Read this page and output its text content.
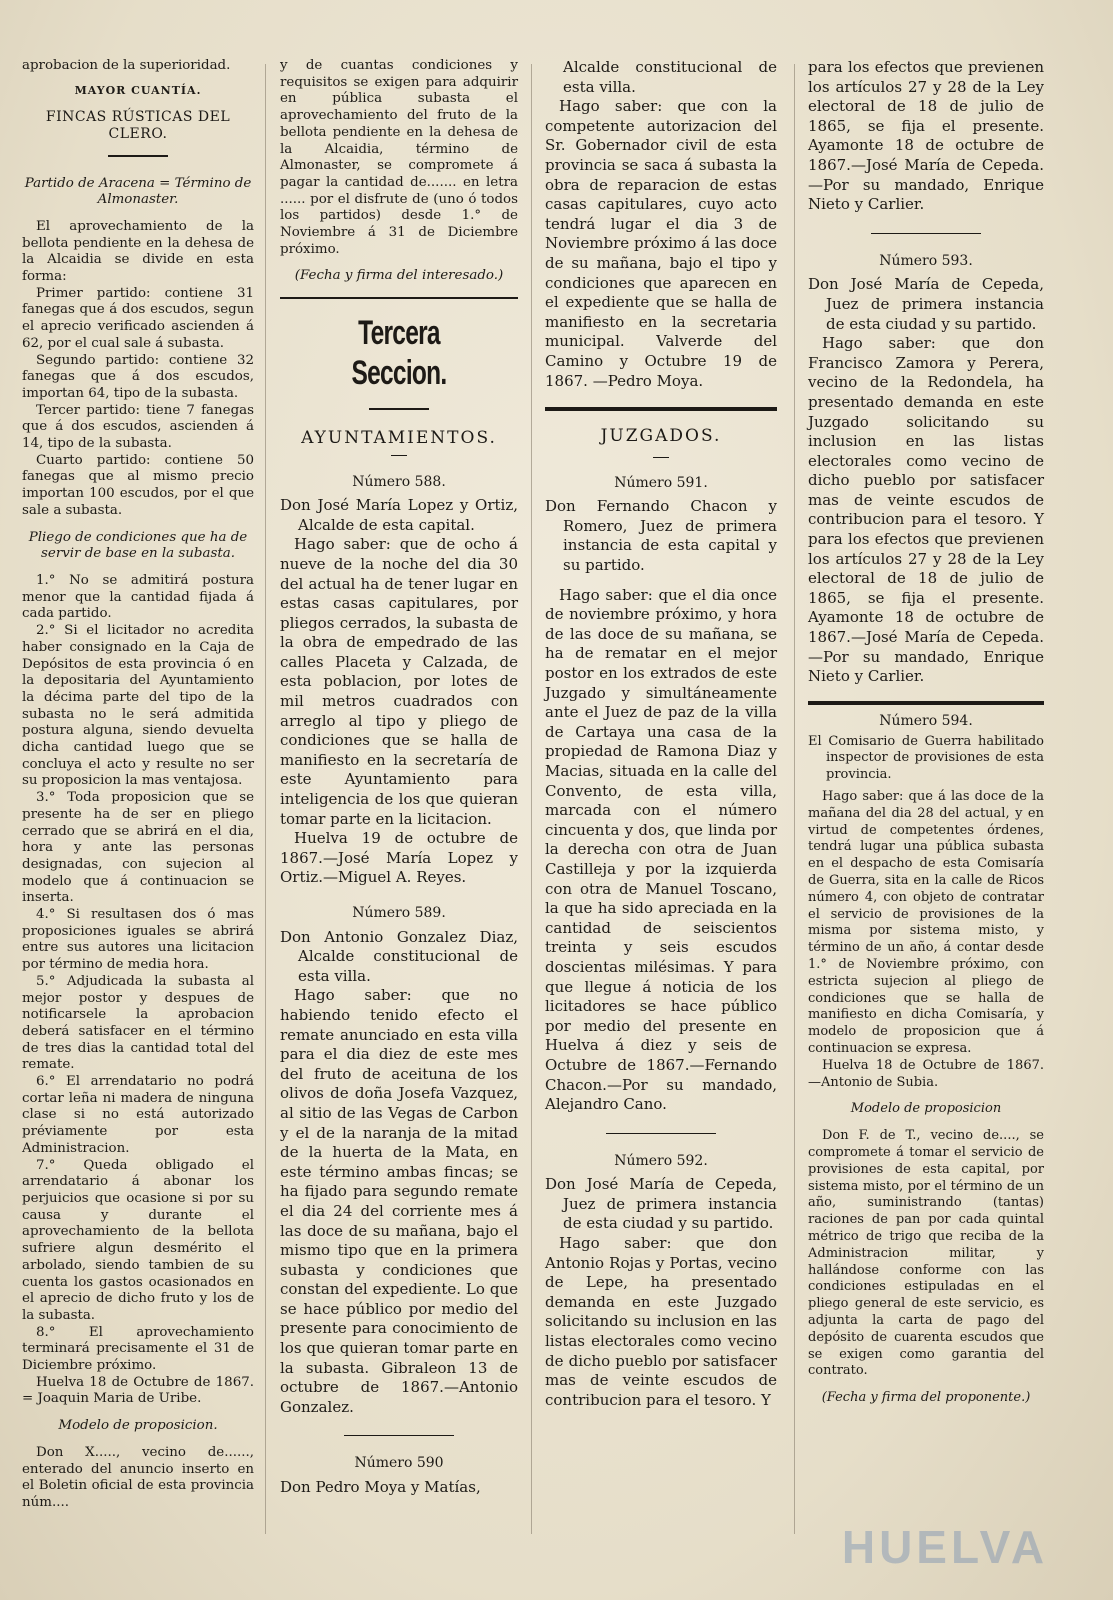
aprobacion de la superioridad.

MAYOR CUANTÍA.
FINCAS RÚSTICAS DEL CLERO.

Partido de Aracena = Término de Almonaster.

El aprovechamiento de la bellota pendiente en la dehesa de la Alcaidia se divide en esta forma:

Primer partido: contiene 31 fanegas que á dos escudos, segun el aprecio verificado ascienden á 62, por el cual sale á subasta.

Segundo partido: contiene 32 fanegas que á dos escudos, importan 64, tipo de la subasta.

Tercer partido: tiene 7 fanegas que á dos escudos, ascienden á 14, tipo de la subasta.

Cuarto partido: contiene 50 fanegas que al mismo precio importan 100 escudos, por el que sale a subasta.

Pliego de condiciones que ha de servir de base en la subasta.

1.° No se admitirá postura menor que la cantidad fijada á cada partido.

2.° Si el licitador no acredita haber consignado en la Caja de Depósitos de esta provincia ó en la depositaria del Ayuntamiento la décima parte del tipo de la subasta no le será admitida postura alguna, siendo devuelta dicha cantidad luego que se concluya el acto y resulte no ser su proposicion la mas ventajosa.

3.° Toda proposicion que se presente ha de ser en pliego cerrado que se abrirá en el dia, hora y ante las personas designadas, con sujecion al modelo que á continuacion se inserta.

4.° Si resultasen dos ó mas proposiciones iguales se abrirá entre sus autores una licitacion por término de media hora.

5.° Adjudicada la subasta al mejor postor y despues de notificarsele la aprobacion deberá satisfacer en el término de tres dias la cantidad total del remate.

6.° El arrendatario no podrá cortar leña ni madera de ninguna clase si no está autorizado préviamente por esta Administracion.

7.° Queda obligado el arrendatario á abonar los perjuicios que ocasione si por su causa y durante el aprovechamiento de la bellota sufriere algun desmérito el arbolado, siendo tambien de su cuenta los gastos ocasionados en el aprecio de dicho fruto y los de la subasta.

8.° El aprovechamiento terminará precisamente el 31 de Diciembre próximo.

Huelva 18 de Octubre de 1867. = Joaquin Maria de Uribe.

Modelo de proposicion.

Don X....., vecino de......, enterado del anuncio inserto en el Boletin oficial de esta provincia núm....

y de cuantas condiciones y requisitos se exigen para adquirir en pública subasta el aprovechamiento del fruto de la bellota pendiente en la dehesa de la Alcaidia, término de Almonaster, se compromete á pagar la cantidad de....... en letra ...... por el disfrute de (uno ó todos los partidos) desde 1.° de Noviembre á 31 de Diciembre próximo.

(Fecha y firma del interesado.)

Tercera Seccion.
AYUNTAMIENTOS.
Número 588.

Don José María Lopez y Ortiz, Alcalde de esta capital.

Hago saber: que de ocho á nueve de la noche del dia 30 del actual ha de tener lugar en estas casas capitulares, por pliegos cerrados, la subasta de la obra de empedrado de las calles Placeta y Calzada, de esta poblacion, por lotes de mil metros cuadrados con arreglo al tipo y pliego de condiciones que se halla de manifiesto en la secretaría de este Ayuntamiento para inteligencia de los que quieran tomar parte en la licitacion.

Huelva 19 de octubre de 1867.—José María Lopez y Ortiz.—Miguel A. Reyes.

Número 589.

Don Antonio Gonzalez Diaz, Alcalde constitucional de esta villa.

Hago saber: que no habiendo tenido efecto el remate anunciado en esta villa para el dia diez de este mes del fruto de aceituna de los olivos de doña Josefa Vazquez, al sitio de las Vegas de Carbon y el de la naranja de la mitad de la huerta de la Mata, en este término ambas fincas; se ha fijado para segundo remate el dia 24 del corriente mes á las doce de su mañana, bajo el mismo tipo que en la primera subasta y condiciones que constan del expediente. Lo que se hace público por medio del presente para conocimiento de los que quieran tomar parte en la subasta. Gibraleon 13 de octubre de 1867.—Antonio Gonzalez.

Número 590

Don Pedro Moya y Matías,

Alcalde constitucional de esta villa.

Hago saber: que con la competente autorizacion del Sr. Gobernador civil de esta provincia se saca á subasta la obra de reparacion de estas casas capitulares, cuyo acto tendrá lugar el dia 3 de Noviembre próximo á las doce de su mañana, bajo el tipo y condiciones que aparecen en el expediente que se halla de manifiesto en la secretaria municipal. Valverde del Camino y Octubre 19 de 1867. —Pedro Moya.

JUZGADOS.
Número 591.

Don Fernando Chacon y Romero, Juez de primera instancia de esta capital y su partido.

Hago saber: que el dia once de noviembre próximo, y hora de las doce de su mañana, se ha de rematar en el mejor postor en los extrados de este Juzgado y simultáneamente ante el Juez de paz de la villa de Cartaya una casa de la propiedad de Ramona Diaz y Macias, situada en la calle del Convento, de esta villa, marcada con el número cincuenta y dos, que linda por la derecha con otra de Juan Castilleja y por la izquierda con otra de Manuel Toscano, la que ha sido apreciada en la cantidad de seiscientos treinta y seis escudos doscientas milésimas. Y para que llegue á noticia de los licitadores se hace público por medio del presente en Huelva á diez y seis de Octubre de 1867.—Fernando Chacon.—Por su mandado, Alejandro Cano.

Número 592.

Don José María de Cepeda, Juez de primera instancia de esta ciudad y su partido.

Hago saber: que don Antonio Rojas y Portas, vecino de Lepe, ha presentado demanda en este Juzgado solicitando su inclusion en las listas electorales como vecino de dicho pueblo por satisfacer mas de veinte escudos de contribucion para el tesoro. Y

para los efectos que previenen los artículos 27 y 28 de la Ley electoral de 18 de julio de 1865, se fija el presente. Ayamonte 18 de octubre de 1867.—José María de Cepeda.—Por su mandado, Enrique Nieto y Carlier.

Número 593.

Don José María de Cepeda, Juez de primera instancia de esta ciudad y su partido.

Hago saber: que don Francisco Zamora y Perera, vecino de la Redondela, ha presentado demanda en este Juzgado solicitando su inclusion en las listas electorales como vecino de dicho pueblo por satisfacer mas de veinte escudos de contribucion para el tesoro. Y para los efectos que previenen los artículos 27 y 28 de la Ley electoral de 18 de julio de 1865, se fija el presente. Ayamonte 18 de octubre de 1867.—José María de Cepeda.—Por su mandado, Enrique Nieto y Carlier.

Número 594.

El Comisario de Guerra habilitado inspector de provisiones de esta provincia.

Hago saber: que á las doce de la mañana del dia 28 del actual, y en virtud de competentes órdenes, tendrá lugar una pública subasta en el despacho de esta Comisaría de Guerra, sita en la calle de Ricos número 4, con objeto de contratar el servicio de provisiones de la misma por sistema misto, y término de un año, á contar desde 1.° de Noviembre próximo, con estricta sujecion al pliego de condiciones que se halla de manifiesto en dicha Comisaría, y modelo de proposicion que á continuacion se expresa.

Huelva 18 de Octubre de 1867. —Antonio de Subia.

Modelo de proposicion

Don F. de T., vecino de...., se compromete á tomar el servicio de provisiones de esta capital, por sistema misto, por el término de un año, suministrando (tantas) raciones de pan por cada quintal métrico de trigo que reciba de la Administracion militar, y hallándose conforme con las condiciones estipuladas en el pliego general de este servicio, es adjunta la carta de pago del depósito de cuarenta escudos que se exigen como garantia del contrato.

(Fecha y firma del proponente.)

HUELVA
